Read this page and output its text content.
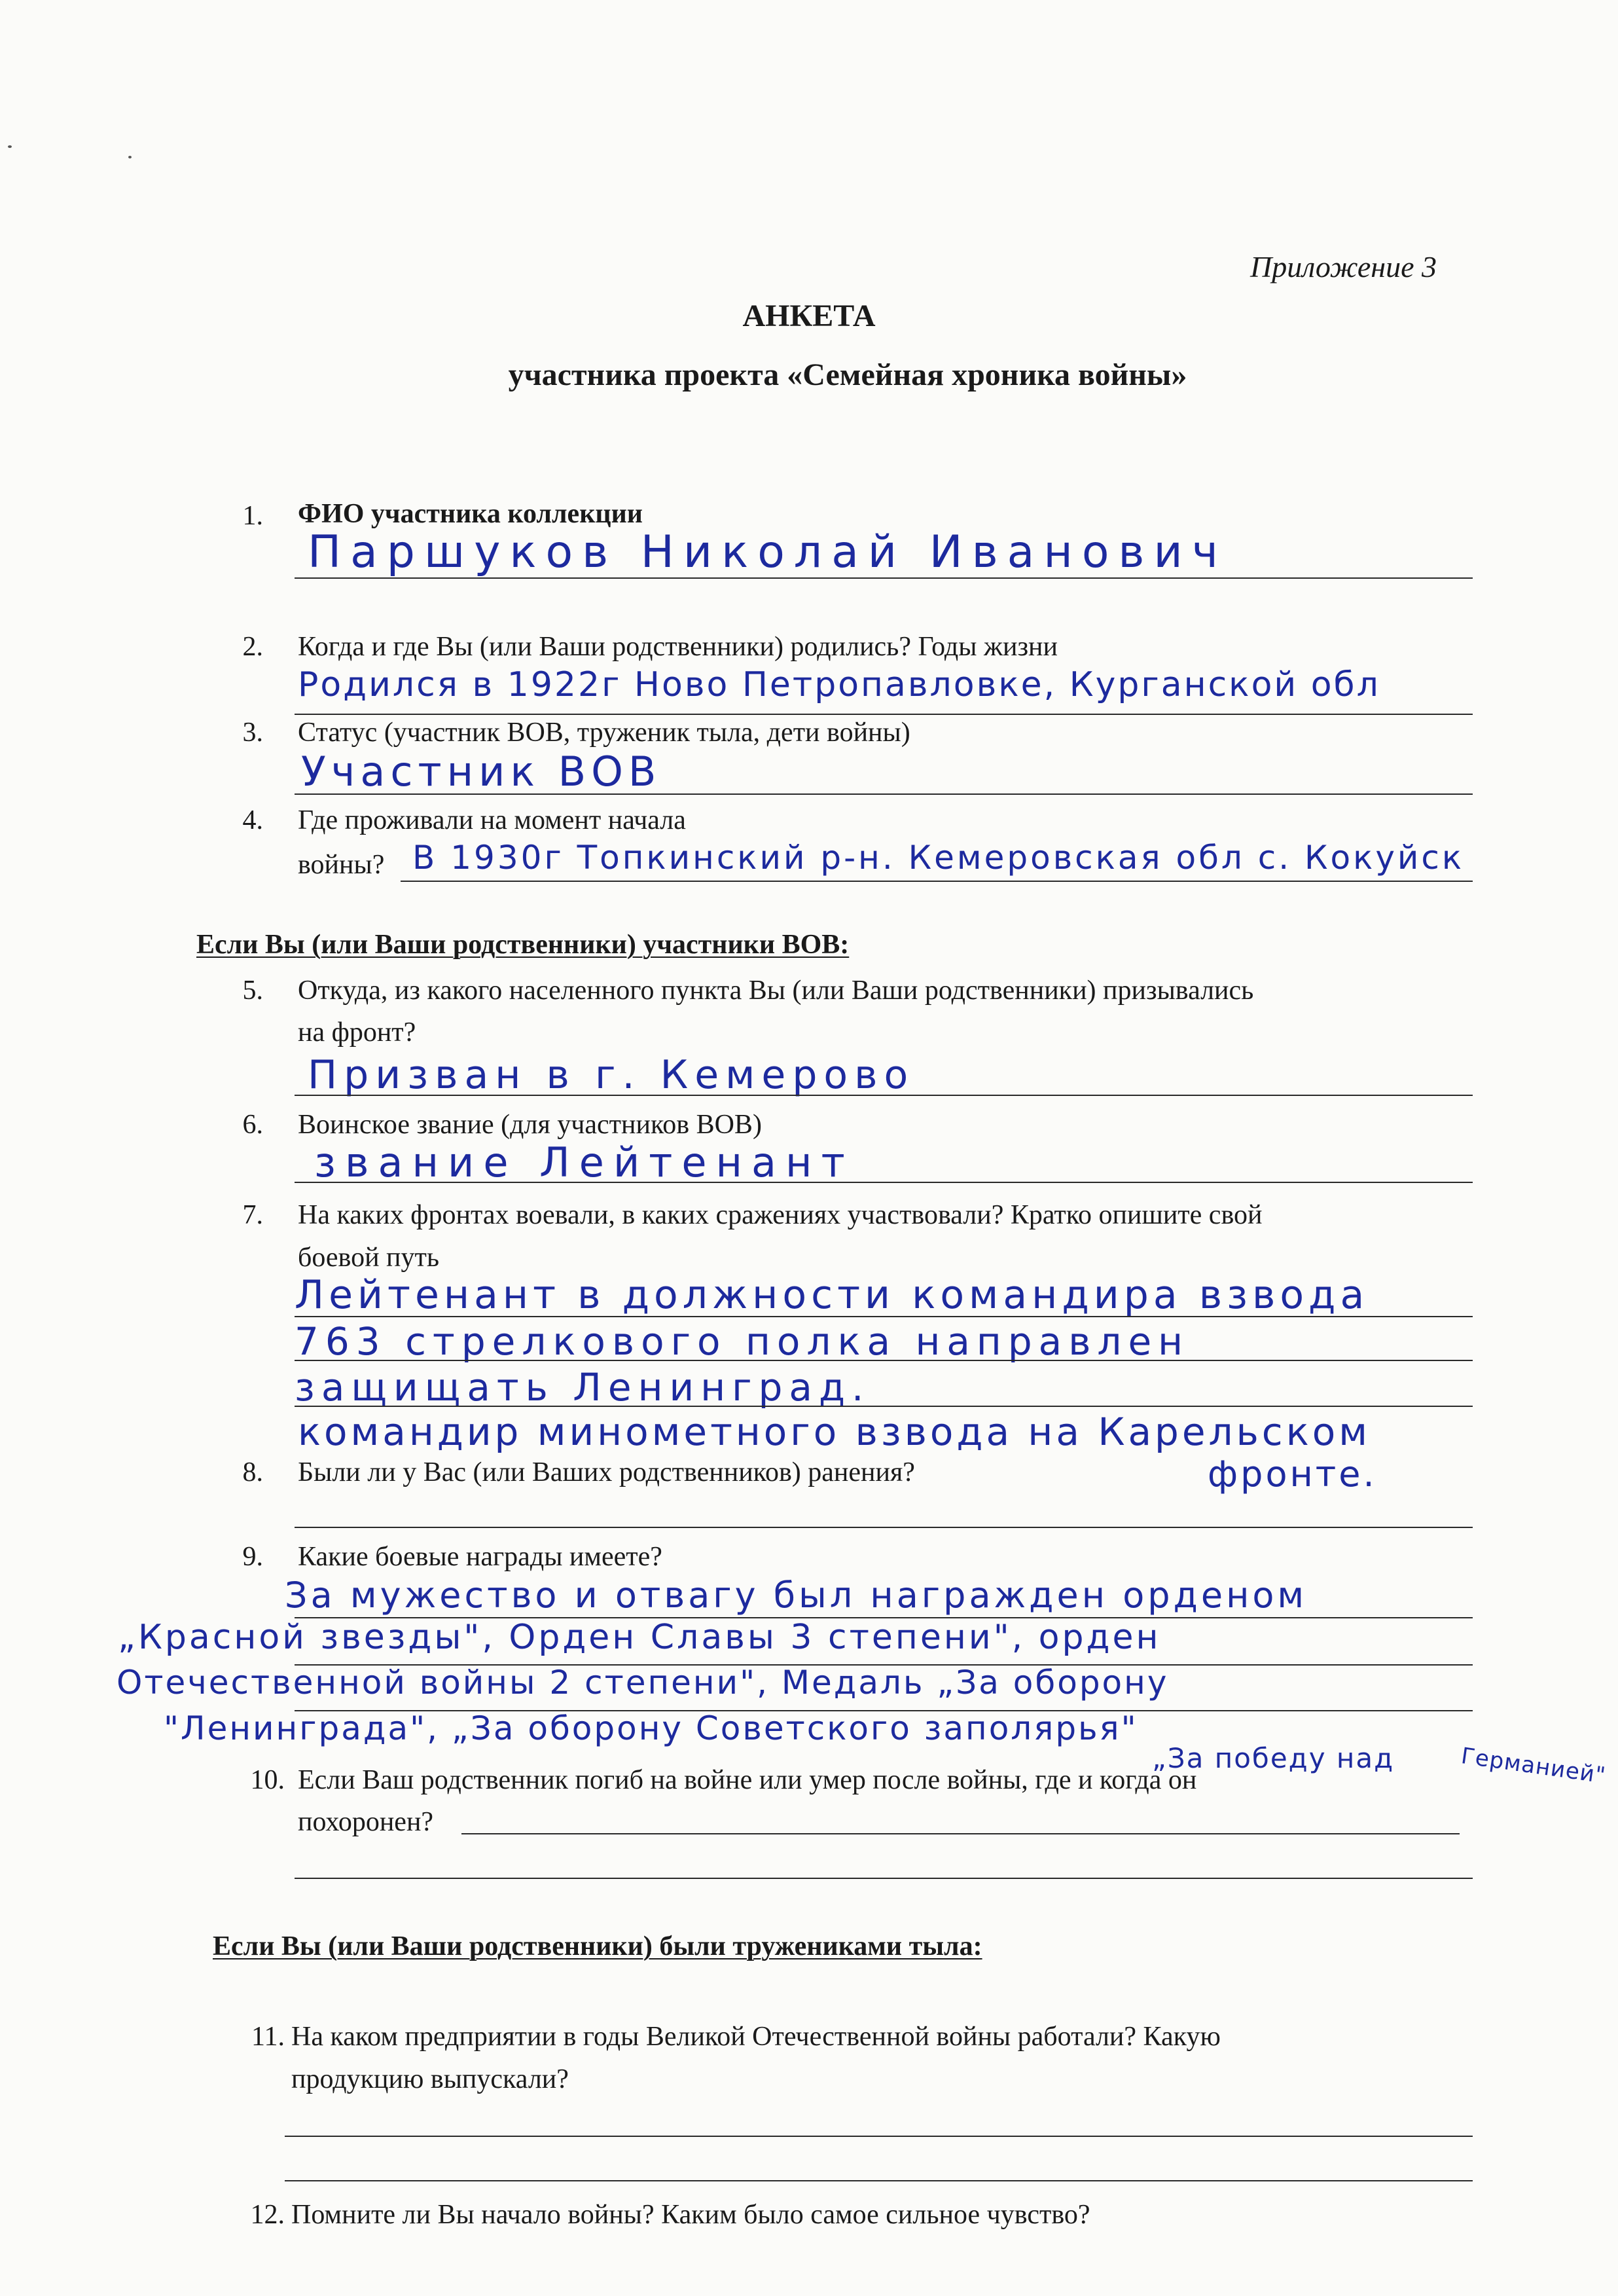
Приложение 3
АНКЕТА
участника проекта «Семейная хроника войны»
1. ФИО участника коллекции
Паршуков Николай Иванович
2. Когда и где Вы (или Ваши родственники) родились? Годы жизни
Родился в 1922г Ново Петропавловке, Курганской обл
3. Статус (участник ВОВ, труженик тыла, дети войны)
Участник ВОВ
4. Где проживали на момент начала
войны? В 1930г Топкинский р-н. Кемеровская обл с. Кокуйск
Если Вы (или Ваши родственники) участники ВОВ:
5. Откуда, из какого населенного пункта Вы (или Ваши родственники) призывались
на фронт?
Призван в г. Кемерово
6. Воинское звание (для участников ВОВ)
звание Лейтенант
7. На каких фронтах воевали, в каких сражениях участвовали? Кратко опишите свой
боевой путь
Лейтенант в должности командира взвода
763 стрелкового полка направлен
защищать Ленинград.
командир минометного взвода на Карельском
фронте.
8. Были ли у Вас (или Ваших родственников) ранения?
9. Какие боевые награды имеете?
За мужество и отвагу был награжден орденом
„Красной звезды", Орден Славы 3 степени", орден
Отечественной войны 2 степени", Медаль „За оборону
"Ленинграда", „За оборону Советского заполярья"
„За победу над	Германией"
10. Если Ваш родственник погиб на войне или умер после войны, где и когда он
похоронен?
Если Вы (или Ваши родственники) были тружениками тыла:
11. На каком предприятии в годы Великой Отечественной войны работали? Какую
продукцию выпускали?
12. Помните ли Вы начало войны? Каким было самое сильное чувство?
